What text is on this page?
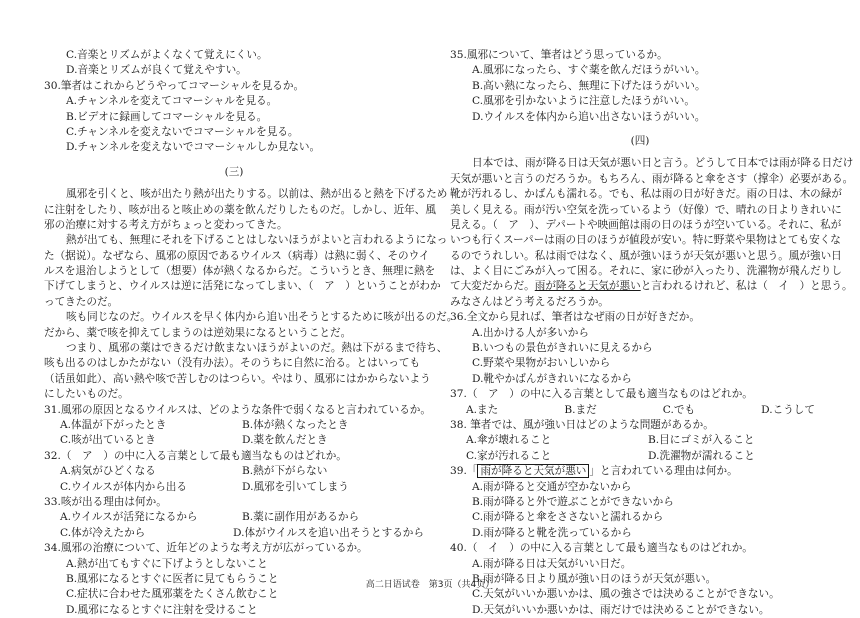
C.音楽とリズムがよくなくて覚えにくい。
D.音楽とリズムが良くて覚えやすい。
30.筆者はこれからどうやってコマーシャルを見るか。
A.チャンネルを変えてコマーシャルを見る。
B.ビデオに録画してコマーシャルを見る。
C.チャンネルを変えないでコマーシャルを見る。
D.チャンネルを変えないでコマーシャルしか見ない。
(三)
風邪を引くと、咳が出たり熱が出たりする。以前は、熱が出ると熱を下げるため
に注射をしたり、咳が出ると咳止めの薬を飲んだりしたものだ。しかし、近年、風
邪の治療に対する考え方がちょっと変わってきた。
熱が出ても、無理にそれを下げることはしないほうがよいと言われるようになっ
た（据说）。なぜなら、風邪の原因であるウイルス（病毒）は熱に弱く、そのウイ
ルスを退治しようとして（想要）体が熱くなるからだ。こういうとき、無理に熱を
下げてしまうと、ウイルスは逆に活発になってしまい、（　ア　）ということがわか
ってきたのだ。
咳も同じなのだ。ウイルスを早く体内から追い出そうとするために咳が出るのだ。
だから、薬で咳を抑えてしまうのは逆効果になるということだ。
つまり、風邪の薬はできるだけ飲まないほうがよいのだ。熱は下がるまで待ち、
咳も出るのはしかたがない（没有办法）。そのうちに自然に治る。とはいっても
（话虽如此）、高い熱や咳で苦しむのはつらい。やはり、風邪にはかからないよう
にしたいものだ。
31.風邪の原因となるウイルスは、どのような条件で弱くなると言われているか。
A.体温が下がったとき	B.体が熱くなったとき
C.咳が出ているとき	D.薬を飲んだとき
32.（　ア　）の中に入る言葉として最も適当なものはどれか。
A.病気がひどくなる	B.熱が下がらない
C.ウイルスが体内から出る	D.風邪を引いてしまう
33.咳が出る理由は何か。
A.ウイルスが活発になるから	B.薬に副作用があるから
C.体が冷えたから	D.体がウイルスを追い出そうとするから
34.風邪の治療について、近年どのような考え方が広がっているか。
A.熱が出てもすぐに下げようとしないこと
B.風邪になるとすぐに医者に見てもらうこと
C.症状に合わせた風邪薬をたくさん飲むこと
D.風邪になるとすぐに注射を受けること
35.風邪について、筆者はどう思っているか。
A.風邪になったら、すぐ薬を飲んだほうがいい。
B.高い熱になったら、無理に下げたほうがいい。
C.風邪を引かないように注意したほうがいい。
D.ウイルスを体内から追い出さないほうがいい。
(四)
日本では、雨が降る日は天気が悪い日と言う。どうして日本では雨が降る日だけ
天気が悪いと言うのだろうか。もちろん、雨が降ると傘をさす（撑伞）必要がある。
靴が汚れるし、かばんも濡れる。でも、私は雨の日が好きだ。雨の日は、木の緑が
美しく見える。雨が汚い空気を洗っているよう（好像）で、晴れの日よりきれいに
見える。（　ア　）、デパートや映画館は雨の日のほうが空いている。それに、私が
いつも行くスーパーは雨の日のほうが値段が安い。特に野菜や果物はとても安くな
るのでうれしい。私は雨ではなく、風が強いほうが天気が悪いと思う。風が強い日
は、よく目にごみが入って困る。それに、家に砂が入ったり、洗濯物が飛んだりし
て大変だからだ。雨が降ると天気が悪いと言われるけれど、私は（　イ　）と思う。
みなさんはどう考えるだろうか。
36.全文から見れば、筆者はなぜ雨の日が好きだか。
A.出かける人が多いから
B.いつもの景色がきれいに見えるから
C.野菜や果物がおいしいから
D.靴やかばんがきれいになるから
37.（　ア　）の中に入る言葉として最も適当なものはどれか。
A.また	B.まだ	C.でも	D.こうして
38. 筆者では、風が強い日はどのような問題があるか。
A.傘が壊れること	B.目にゴミが入ること
C.家が汚れること	D.洗濯物が濡れること
39.「 雨が降ると天気が悪い 」と言われている理由は何か。
A.雨が降ると交通が空かないから
B.雨が降ると外で遊ぶことができないから
C.雨が降ると傘をささないと濡れるから
D.雨が降ると靴を洗っているから
40.（　イ　）の中に入る言葉として最も適当なものはどれか。
A.雨が降る日は天気がいい日だ。
B.雨が降る日より風が強い日のほうが天気が悪い。
C.天気がいいか悪いかは、風の強さでは決めることができない。
D.天気がいいか悪いかは、雨だけでは決めることができない。
高二日语试卷　第3页（共4页）
